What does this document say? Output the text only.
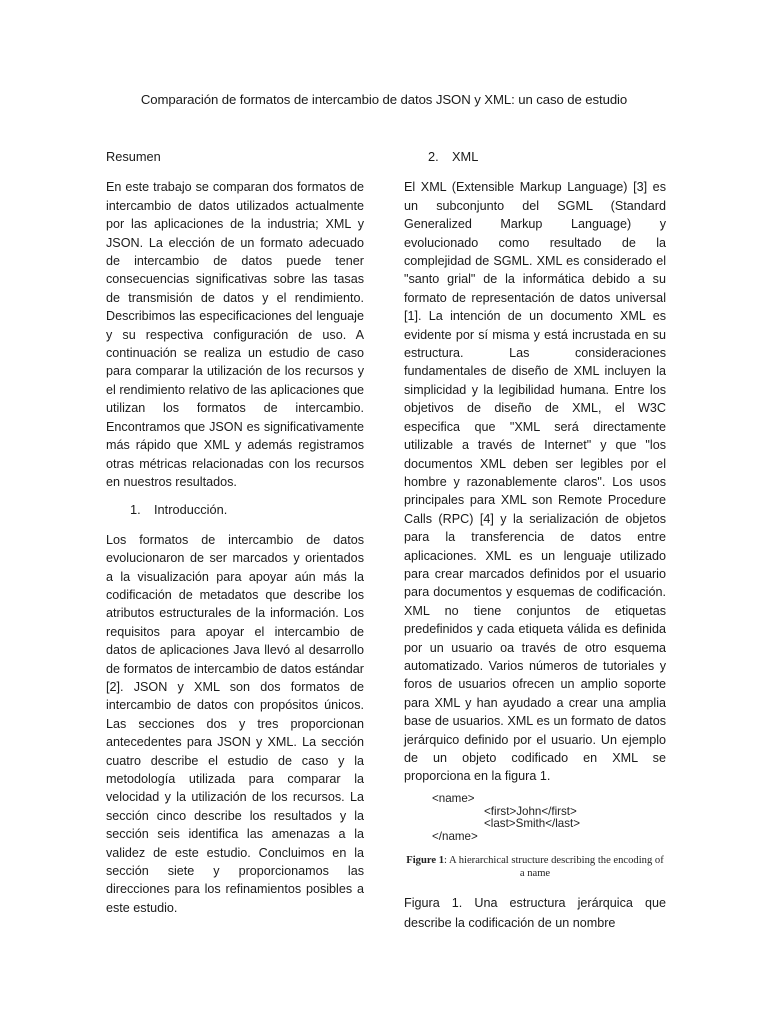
Comparación de formatos de intercambio de datos JSON y XML: un caso de estudio

Resumen

En este trabajo se comparan dos formatos de intercambio de datos utilizados actualmente por las aplicaciones de la industria; XML y JSON. La elección de un formato adecuado de intercambio de datos puede tener consecuencias significativas sobre las tasas de transmisión de datos y el rendimiento. Describimos las especificaciones del lenguaje y su respectiva configuración de uso. A continuación se realiza un estudio de caso para comparar la utilización de los recursos y el rendimiento relativo de las aplicaciones que utilizan los formatos de intercambio. Encontramos que JSON es significativamente más rápido que XML y además registramos otras métricas relacionadas con los recursos en nuestros resultados.

1. Introducción.

Los formatos de intercambio de datos evolucionaron de ser marcados y orientados a la visualización para apoyar aún más la codificación de metadatos que describe los atributos estructurales de la información. Los requisitos para apoyar el intercambio de datos de aplicaciones Java llevó al desarrollo de formatos de intercambio de datos estándar [2]. JSON y XML son dos formatos de intercambio de datos con propósitos únicos. Las secciones dos y tres proporcionan antecedentes para JSON y XML. La sección cuatro describe el estudio de caso y la metodología utilizada para comparar la velocidad y la utilización de los recursos. La sección cinco describe los resultados y la sección seis identifica las amenazas a la validez de este estudio. Concluimos en la sección siete y proporcionamos las direcciones para los refinamientos posibles a este estudio.

2. XML

El XML (Extensible Markup Language) [3] es un subconjunto del SGML (Standard Generalized Markup Language) y evolucionado como resultado de la complejidad de SGML. XML es considerado el "santo grial" de la informática debido a su formato de representación de datos universal [1]. La intención de un documento XML es evidente por sí misma y está incrustada en su estructura. Las consideraciones fundamentales de diseño de XML incluyen la simplicidad y la legibilidad humana. Entre los objetivos de diseño de XML, el W3C especifica que "XML será directamente utilizable a través de Internet" y que "los documentos XML deben ser legibles por el hombre y razonablemente claros". Los usos principales para XML son Remote Procedure Calls (RPC) [4] y la serialización de objetos para la transferencia de datos entre aplicaciones. XML es un lenguaje utilizado para crear marcados definidos por el usuario para documentos y esquemas de codificación. XML no tiene conjuntos de etiquetas predefinidos y cada etiqueta válida es definida por un usuario oa través de otro esquema automatizado. Varios números de tutoriales y foros de usuarios ofrecen un amplio soporte para XML y han ayudado a crear una amplia base de usuarios. XML es un formato de datos jerárquico definido por el usuario. Un ejemplo de un objeto codificado en XML se proporciona en la figura 1.

<name>
<first>John</first>
<last>Smith</last>
</name>

Figure 1: A hierarchical structure describing the encoding of a name

Figura 1. Una estructura jerárquica que describe la codificación de un nombre
